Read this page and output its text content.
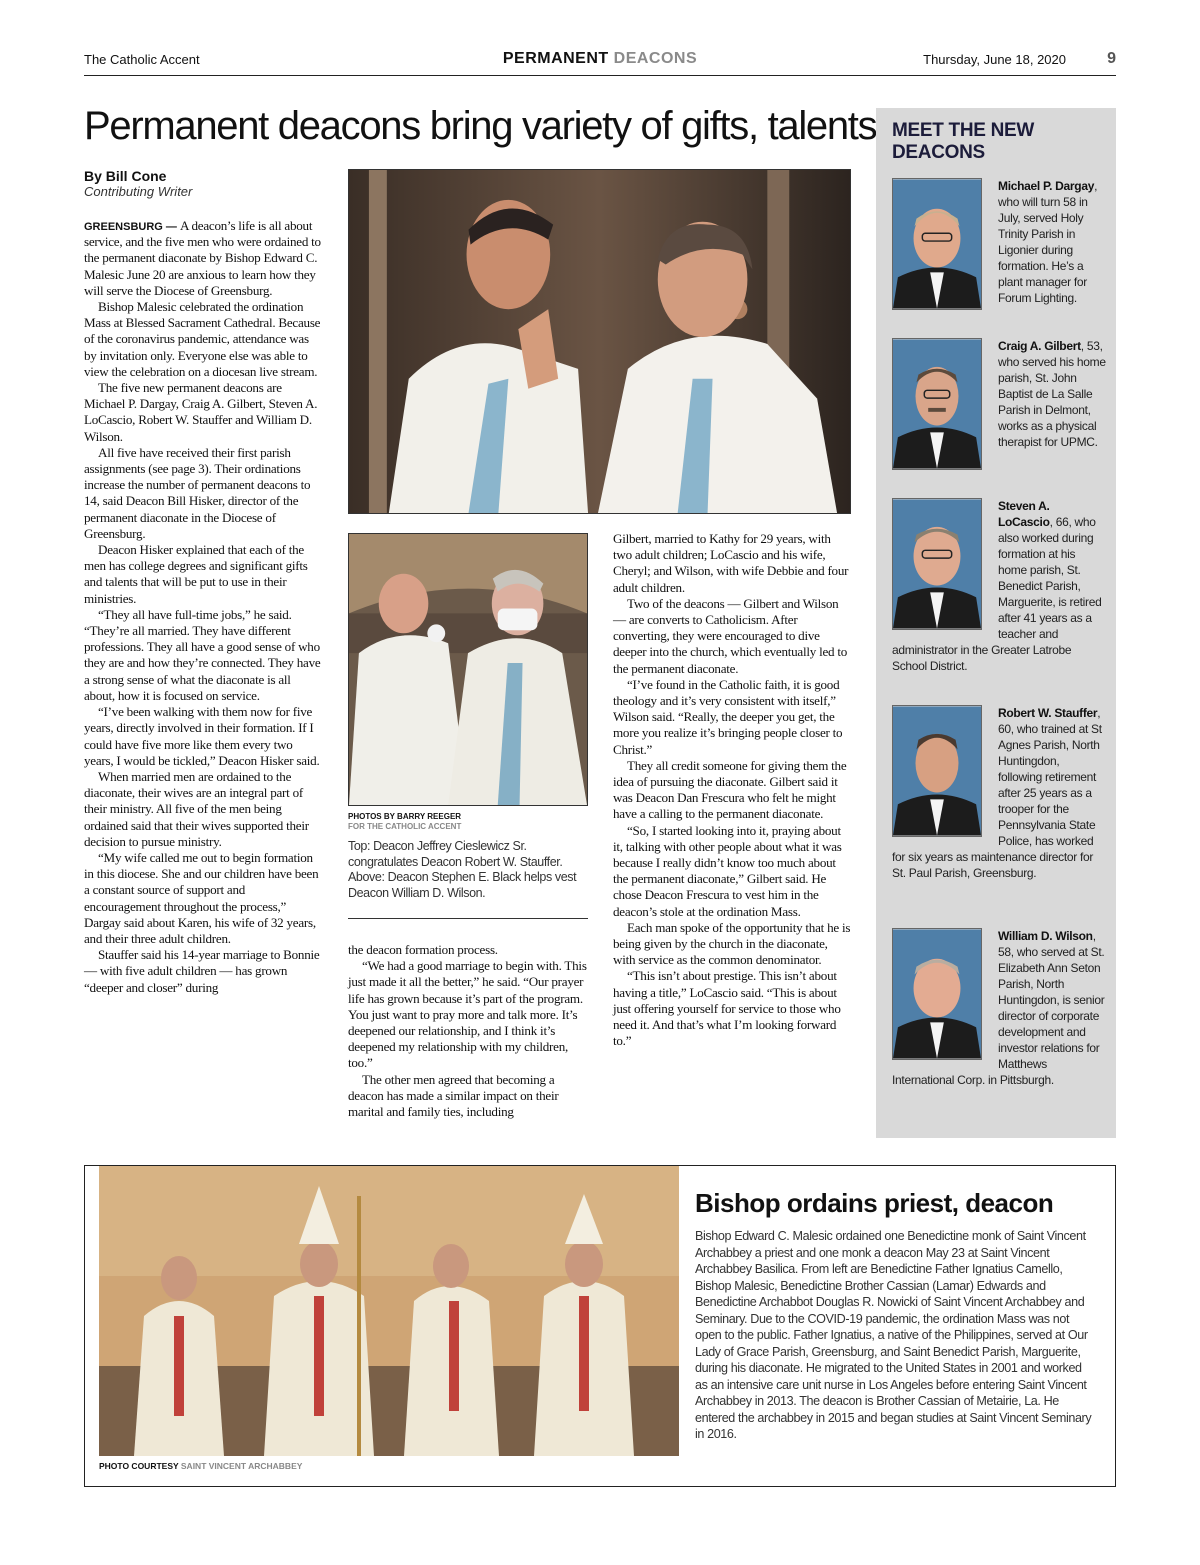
The Catholic Accent	PERMANENT DEACONS	Thursday, June 18, 2020	9
Permanent deacons bring variety of gifts, talents
By Bill Cone
Contributing Writer

GREENSBURG — A deacon’s life is all about service, and the five men who were ordained to the permanent diaconate by Bishop Edward C. Malesic June 20 are anxious to learn how they will serve the Diocese of Greensburg.

Bishop Malesic celebrated the ordination Mass at Blessed Sacrament Cathedral. Because of the coronavirus pandemic, attendance was by invitation only. Everyone else was able to view the celebration on a diocesan live stream.

The five new permanent deacons are Michael P. Dargay, Craig A. Gilbert, Steven A. LoCascio, Robert W. Stauffer and William D. Wilson.

All five have received their first parish assignments (see page 3). Their ordinations increase the number of permanent deacons to 14, said Deacon Bill Hisker, director of the permanent diaconate in the Diocese of Greensburg.

Deacon Hisker explained that each of the men has college degrees and significant gifts and talents that will be put to use in their ministries.

“They all have full-time jobs,” he said. “They’re all married. They have different professions. They all have a good sense of who they are and how they’re connected. They have a strong sense of what the diaconate is all about, how it is focused on service.

“I’ve been walking with them now for five years, directly involved in their formation. If I could have five more like them every two years, I would be tickled,” Deacon Hisker said.

When married men are ordained to the diaconate, their wives are an integral part of their ministry. All five of the men being ordained said that their wives supported their decision to pursue ministry.

“My wife called me out to begin formation in this diocese. She and our children have been a constant source of support and encouragement throughout the process,” Dargay said about Karen, his wife of 32 years, and their three adult children.

Stauffer said his 14-year marriage to Bonnie — with five adult children — has grown “deeper and closer” during

PHOTOS BY BARRY REEGER
FOR THE CATHOLIC ACCENT
Top: Deacon Jeffrey Cieslewicz Sr. congratulates Deacon Robert W. Stauffer. Above: Deacon Stephen E. Black helps vest Deacon William D. Wilson.

the deacon formation process.

“We had a good marriage to begin with. This just made it all the better,” he said. “Our prayer life has grown because it’s part of the program. You just want to pray more and talk more. It’s deepened our relationship, and I think it’s deepened my relationship with my children, too.”

The other men agreed that becoming a deacon has made a similar impact on their marital and family ties, including

Gilbert, married to Kathy for 29 years, with two adult children; LoCascio and his wife, Cheryl; and Wilson, with wife Debbie and four adult children.

Two of the deacons — Gilbert and Wilson — are converts to Catholicism. After converting, they were encouraged to dive deeper into the church, which eventually led to the permanent diaconate.

“I’ve found in the Catholic faith, it is good theology and it’s very consistent with itself,” Wilson said. “Really, the deeper you get, the more you realize it’s bringing people closer to Christ.”

They all credit someone for giving them the idea of pursuing the diaconate. Gilbert said it was Deacon Dan Frescura who felt he might have a calling to the permanent diaconate.

“So, I started looking into it, praying about it, talking with other people about what it was because I really didn’t know too much about the permanent diaconate,” Gilbert said. He chose Deacon Frescura to vest him in the deacon’s stole at the ordination Mass.

Each man spoke of the opportunity that he is being given by the church in the diaconate, with service as the common denominator.

“This isn’t about prestige. This isn’t about having a title,” LoCascio said. “This is about just offering yourself for service to those who need it. And that’s what I’m looking forward to.”

MEET THE NEW DEACONS
Michael P. Dargay, who will turn 58 in July, served Holy Trinity Parish in Ligonier during formation. He’s a plant manager for Forum Lighting.
Craig A. Gilbert, 53, who served his home parish, St. John Baptist de La Salle Parish in Delmont, works as a physical therapist for UPMC.
Steven A. LoCascio, 66, who also worked during formation at his home parish, St. Benedict Parish, Marguerite, is retired after 41 years as a teacher and administrator in the Greater Latrobe School District.
Robert W. Stauffer, 60, who trained at St Agnes Parish, North Huntingdon, following retirement after 25 years as a trooper for the Pennsylvania State Police, has worked for six years as maintenance director for St. Paul Parish, Greensburg.
William D. Wilson, 58, who served at St. Elizabeth Ann Seton Parish, North Huntingdon, is senior director of corporate development and investor relations for Matthews International Corp. in Pittsburgh.
PHOTO COURTESY SAINT VINCENT ARCHABBEY
Bishop ordains priest, deacon

Bishop Edward C. Malesic ordained one Benedictine monk of Saint Vincent Archabbey a priest and one monk a deacon May 23 at Saint Vincent Archabbey Basilica. From left are Benedictine Father Ignatius Camello, Bishop Malesic, Benedictine Brother Cassian (Lamar) Edwards and Benedictine Archabbot Douglas R. Nowicki of Saint Vincent Archabbey and Seminary. Due to the COVID-19 pandemic, the ordination Mass was not open to the public. Father Ignatius, a native of the Philippines, served at Our Lady of Grace Parish, Greensburg, and Saint Benedict Parish, Marguerite, during his diaconate. He migrated to the United States in 2001 and worked as an intensive care unit nurse in Los Angeles before entering Saint Vincent Archabbey in 2013. The deacon is Brother Cassian of Metairie, La. He entered the archabbey in 2015 and began studies at Saint Vincent Seminary in 2016.
